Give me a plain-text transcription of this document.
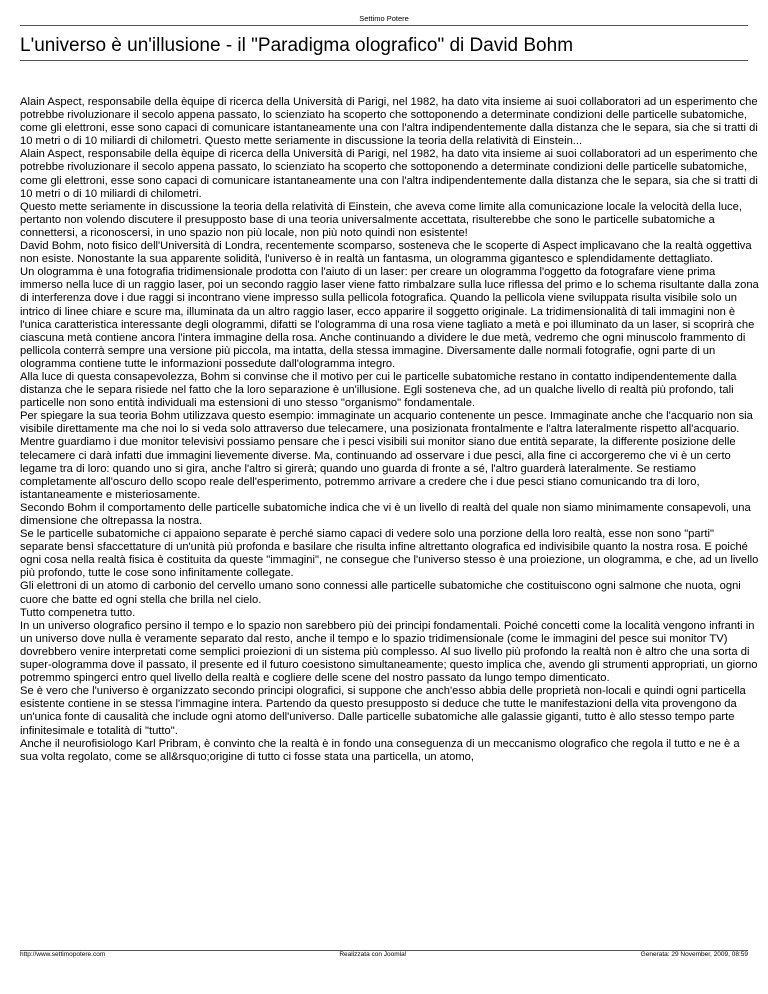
Settimo Potere
L'universo è un'illusione - il "Paradigma olografico" di David Bohm

Alain Aspect, responsabile della èquipe di ricerca della Università di Parigi, nel 1982, ha dato vita insieme ai suoi collaboratori ad un esperimento che potrebbe rivoluzionare il secolo appena passato, lo scienziato ha scoperto che sottoponendo a determinate condizioni delle particelle subatomiche, come gli elettroni, esse sono capaci di comunicare istantaneamente una con l'altra indipendentemente dalla distanza che le separa, sia che si tratti di 10 metri o di 10 miliardi di chilometri. Questo mette seriamente in discussione la teoria della relatività di Einstein...

Alain Aspect, responsabile della èquipe di ricerca della Università di Parigi, nel 1982, ha dato vita insieme ai suoi collaboratori ad un esperimento che potrebbe rivoluzionare il secolo appena passato, lo scienziato ha scoperto che sottoponendo a determinate condizioni delle particelle subatomiche, come gli elettroni, esse sono capaci di comunicare istantaneamente una con l'altra indipendentemente dalla distanza che le separa, sia che si tratti di 10 metri o di 10 miliardi di chilometri.

Questo mette seriamente in discussione la teoria della relatività di Einstein, che aveva come limite alla comunicazione locale la velocità della luce, pertanto non volendo discutere il presupposto base di una teoria universalmente accettata, risulterebbe che sono le particelle subatomiche a connettersi, a riconoscersi, in uno spazio non più locale, non più noto quindi non esistente!

David Bohm, noto fisico dell'Università di Londra, recentemente scomparso, sosteneva che le scoperte di Aspect implicavano che la realtà oggettiva non esiste. Nonostante la sua apparente solidità, l'universo è in realtà un fantasma, un ologramma gigantesco e splendidamente dettagliato.

Un ologramma è una fotografia tridimensionale prodotta con l'aiuto di un laser: per creare un ologramma l'oggetto da fotografare viene prima immerso nella luce di un raggio laser, poi un secondo raggio laser viene fatto rimbalzare sulla luce riflessa del primo e lo schema risultante dalla zona di interferenza dove i due raggi si incontrano viene impresso sulla pellicola fotografica. Quando la pellicola viene sviluppata risulta visibile solo un intrico di linee chiare e scure ma, illuminata da un altro raggio laser, ecco apparire il soggetto originale. La tridimensionalità di tali immagini non è l'unica caratteristica interessante degli ologrammi, difatti se l'ologramma di una rosa viene tagliato a metà e poi illuminato da un laser, si scoprirà che ciascuna metà contiene ancora l'intera immagine della rosa. Anche continuando a dividere le due metà, vedremo che ogni minuscolo frammento di pellicola conterrà sempre una versione più piccola, ma intatta, della stessa immagine. Diversamente dalle normali fotografie, ogni parte di un ologramma contiene tutte le informazioni possedute dall'ologramma integro.

Alla luce di questa consapevolezza, Bohm si convinse che il motivo per cui le particelle subatomiche restano in contatto indipendentemente dalla distanza che le separa risiede nel fatto che la loro separazione è un'illusione. Egli sosteneva che, ad un qualche livello di realtà più profondo, tali particelle non sono entità individuali ma estensioni di uno stesso "organismo" fondamentale.

Per spiegare la sua teoria Bohm utilizzava questo esempio: immaginate un acquario contenente un pesce. Immaginate anche che l'acquario non sia visibile direttamente ma che noi lo si veda solo attraverso due telecamere, una posizionata frontalmente e l'altra lateralmente rispetto all'acquario. Mentre guardiamo i due monitor televisivi possiamo pensare che i pesci visibili sui monitor siano due entità separate, la differente posizione delle telecamere ci darà infatti due immagini lievemente diverse. Ma, continuando ad osservare i due pesci, alla fine ci accorgeremo che vi è un certo legame tra di loro: quando uno si gira, anche l'altro si girerà; quando uno guarda di fronte a sé, l'altro guarderà lateralmente. Se restiamo completamente all'oscuro dello scopo reale dell'esperimento, potremmo arrivare a credere che i due pesci stiano comunicando tra di loro, istantaneamente e misteriosamente.

Secondo Bohm il comportamento delle particelle subatomiche indica che vi è un livello di realtà del quale non siamo minimamente consapevoli, una dimensione che oltrepassa la nostra.

Se le particelle subatomiche ci appaiono separate è perché siamo capaci di vedere solo una porzione della loro realtà, esse non sono "parti" separate bensì sfaccettature di un'unità più profonda e basilare che risulta infine altrettanto olografica ed indivisibile quanto la nostra rosa. E poiché ogni cosa nella realtà fisica è costituita da queste "immagini", ne consegue che l'universo stesso è una proiezione, un ologramma, e che, ad un livello più profondo, tutte le cose sono infinitamente collegate.

Gli elettroni di un atomo di carbonio del cervello umano sono connessi alle particelle subatomiche che costituiscono ogni salmone che nuota, ogni cuore che batte ed ogni stella che brilla nel cielo.

Tutto compenetra tutto.

In un universo olografico persino il tempo e lo spazio non sarebbero più dei principi fondamentali. Poiché concetti come la località vengono infranti in un universo dove nulla è veramente separato dal resto, anche il tempo e lo spazio tridimensionale (come le immagini del pesce sui monitor TV) dovrebbero venire interpretati come semplici proiezioni di un sistema più complesso. Al suo livello più profondo la realtà non è altro che una sorta di super-ologramma dove il passato, il presente ed il futuro coesistono simultaneamente; questo implica che, avendo gli strumenti appropriati, un giorno potremmo spingerci entro quel livello della realtà e cogliere delle scene del nostro passato da lungo tempo dimenticato.

Se è vero che l'universo è organizzato secondo principi olografici, si suppone che anch'esso abbia delle proprietà non-locali e quindi ogni particella esistente contiene in se stessa l'immagine intera. Partendo da questo presupposto si deduce che tutte le manifestazioni della vita provengono da un'unica fonte di causalità che include ogni atomo dell'universo. Dalle particelle subatomiche alle galassie giganti, tutto è allo stesso tempo parte infinitesimale e totalità di "tutto".

Anche il neurofisiologo Karl Pribram, è convinto che la realtà è in fondo una conseguenza di un meccanismo olografico che regola il tutto e ne è a sua volta regolato, come se all&rsquo;origine di tutto ci fosse stata una particella, un atomo,

http://www.settimopotere.com	Realizzata con Joomla!	Generata: 29 November, 2009, 08:59
